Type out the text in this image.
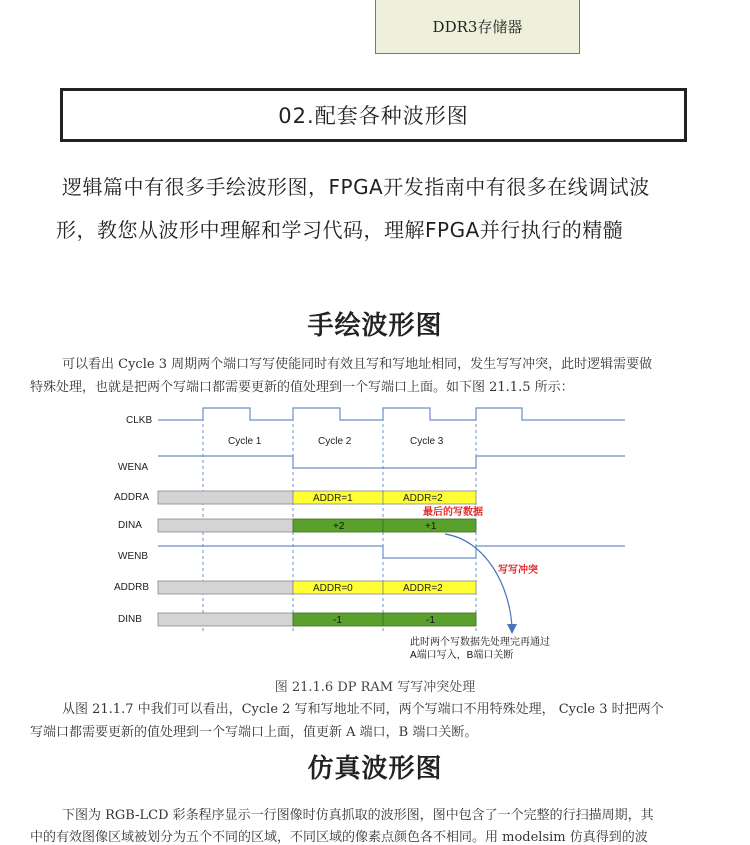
DDR3存储器
02.配套各种波形图
逻辑篇中有很多手绘波形图，FPGA开发指南中有很多在线调试波
形，教您从波形中理解和学习代码，理解FPGA并行执行的精髓
手绘波形图
可以看出 Cycle 3 周期两个端口写写使能同时有效且写和写地址相同，发生写写冲突，此时逻辑需要做
特殊处理，也就是把两个写端口都需要更新的值处理到一个写端口上面。如下图 21.1.5 所示：
CLKB
WENA
ADDRA
DINA
WENB
ADDRB
DINB
Cycle 1	Cycle 2	Cycle 3
ADDR=1	ADDR=2
+2	+1
最后的写数据
ADDR=0	ADDR=2
-1	-1
写写冲突
此时两个写数据先处理完再通过
A端口写入，B端口关断
图 21.1.6 DP RAM 写写冲突处理
从图 21.1.7 中我们可以看出，Cycle 2 写和写地址不同，两个写端口不用特殊处理， Cycle 3 时把两个
写端口都需要更新的值处理到一个写端口上面，值更新 A 端口，B 端口关断。
仿真波形图
下图为 RGB-LCD 彩条程序显示一行图像时仿真抓取的波形图，图中包含了一个完整的行扫描周期，其
中的有效图像区域被划分为五个不同的区域，不同区域的像素点颜色各不相同。用 modelsim 仿真得到的波
